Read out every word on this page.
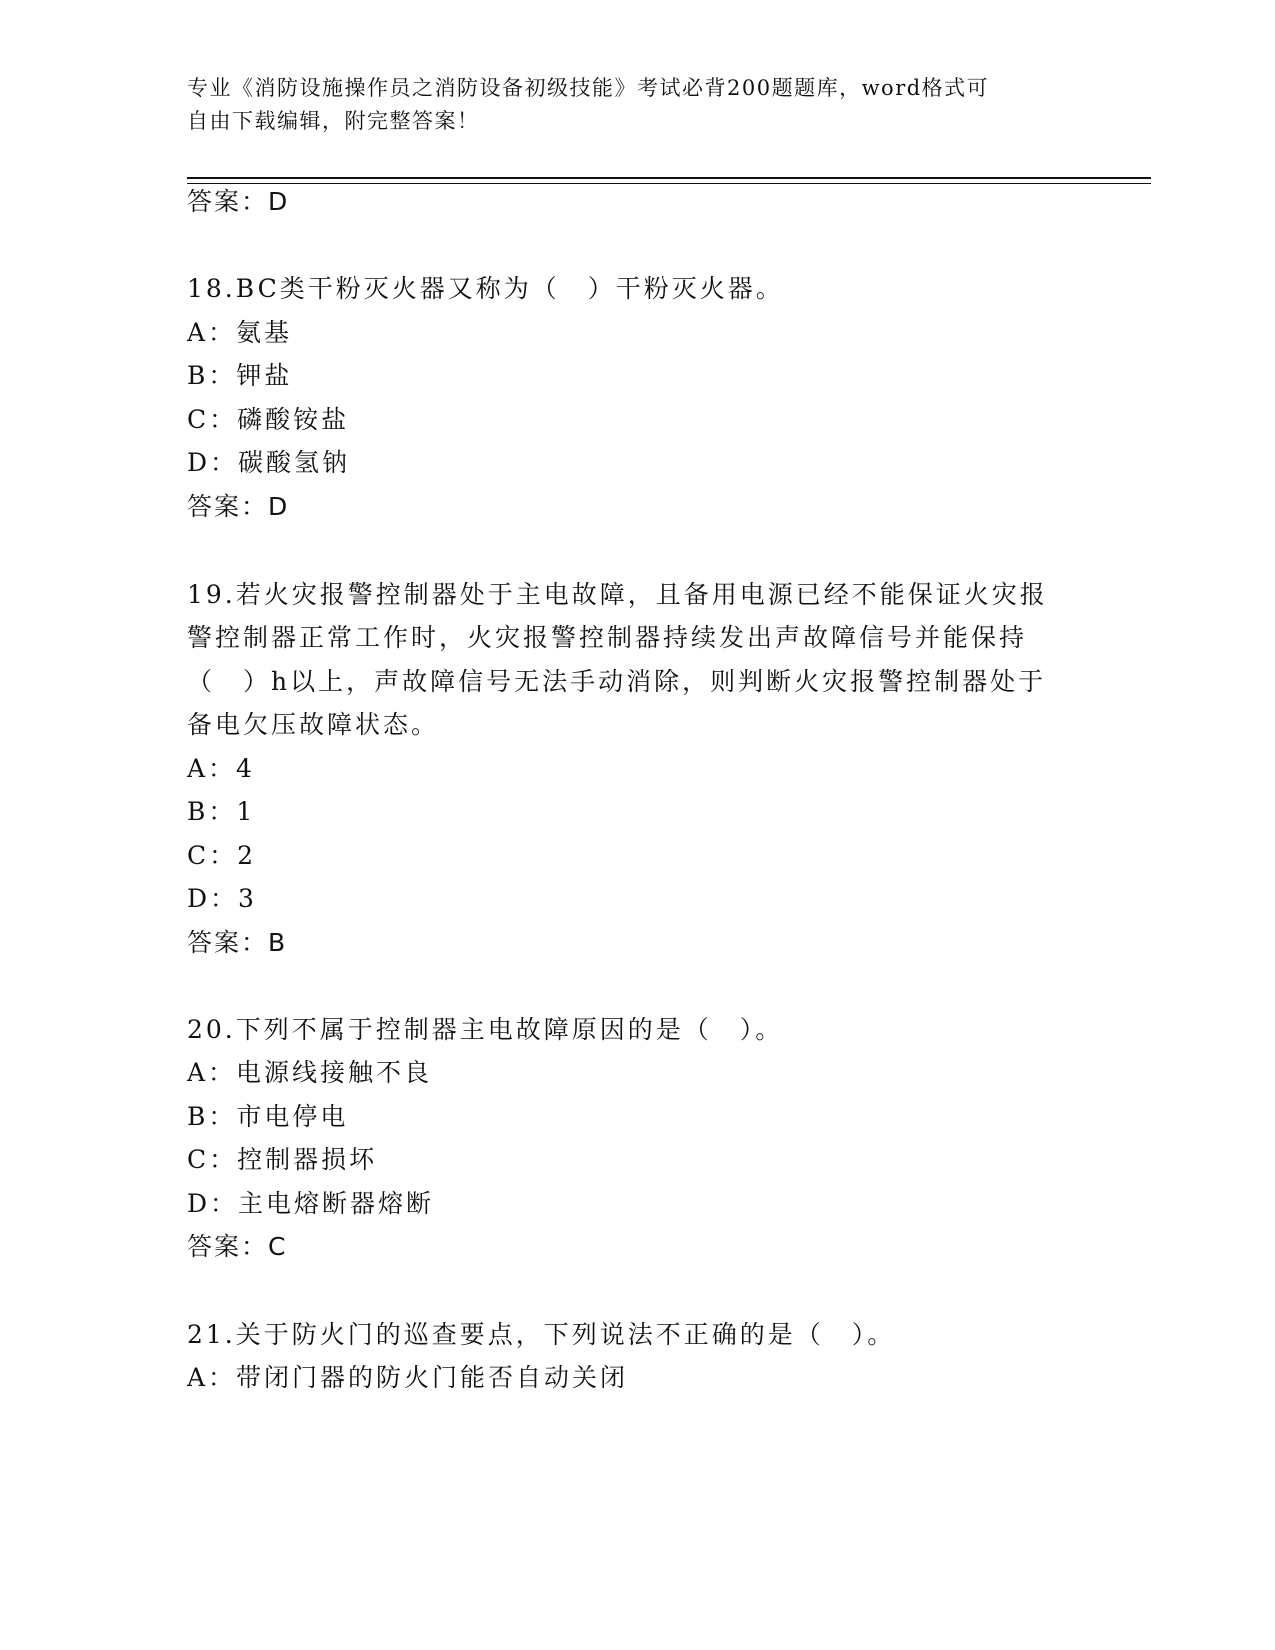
专业《消防设施操作员之消防设备初级技能》考试必背200题题库，word格式可
自由下载编辑，附完整答案！
答案：D
18.BC类干粉灭火器又称为（　）干粉灭火器。
A：氨基
B：钾盐
C：磷酸铵盐
D：碳酸氢钠
答案：D
19.若火灾报警控制器处于主电故障，且备用电源已经不能保证火灾报
警控制器正常工作时，火灾报警控制器持续发出声故障信号并能保持
（　）h以上，声故障信号无法手动消除，则判断火灾报警控制器处于
备电欠压故障状态。
A：4
B：1
C：2
D：3
答案：B
20.下列不属于控制器主电故障原因的是（　）。
A：电源线接触不良
B：市电停电
C：控制器损坏
D：主电熔断器熔断
答案：C
21.关于防火门的巡查要点，下列说法不正确的是（　）。
A：带闭门器的防火门能否自动关闭
